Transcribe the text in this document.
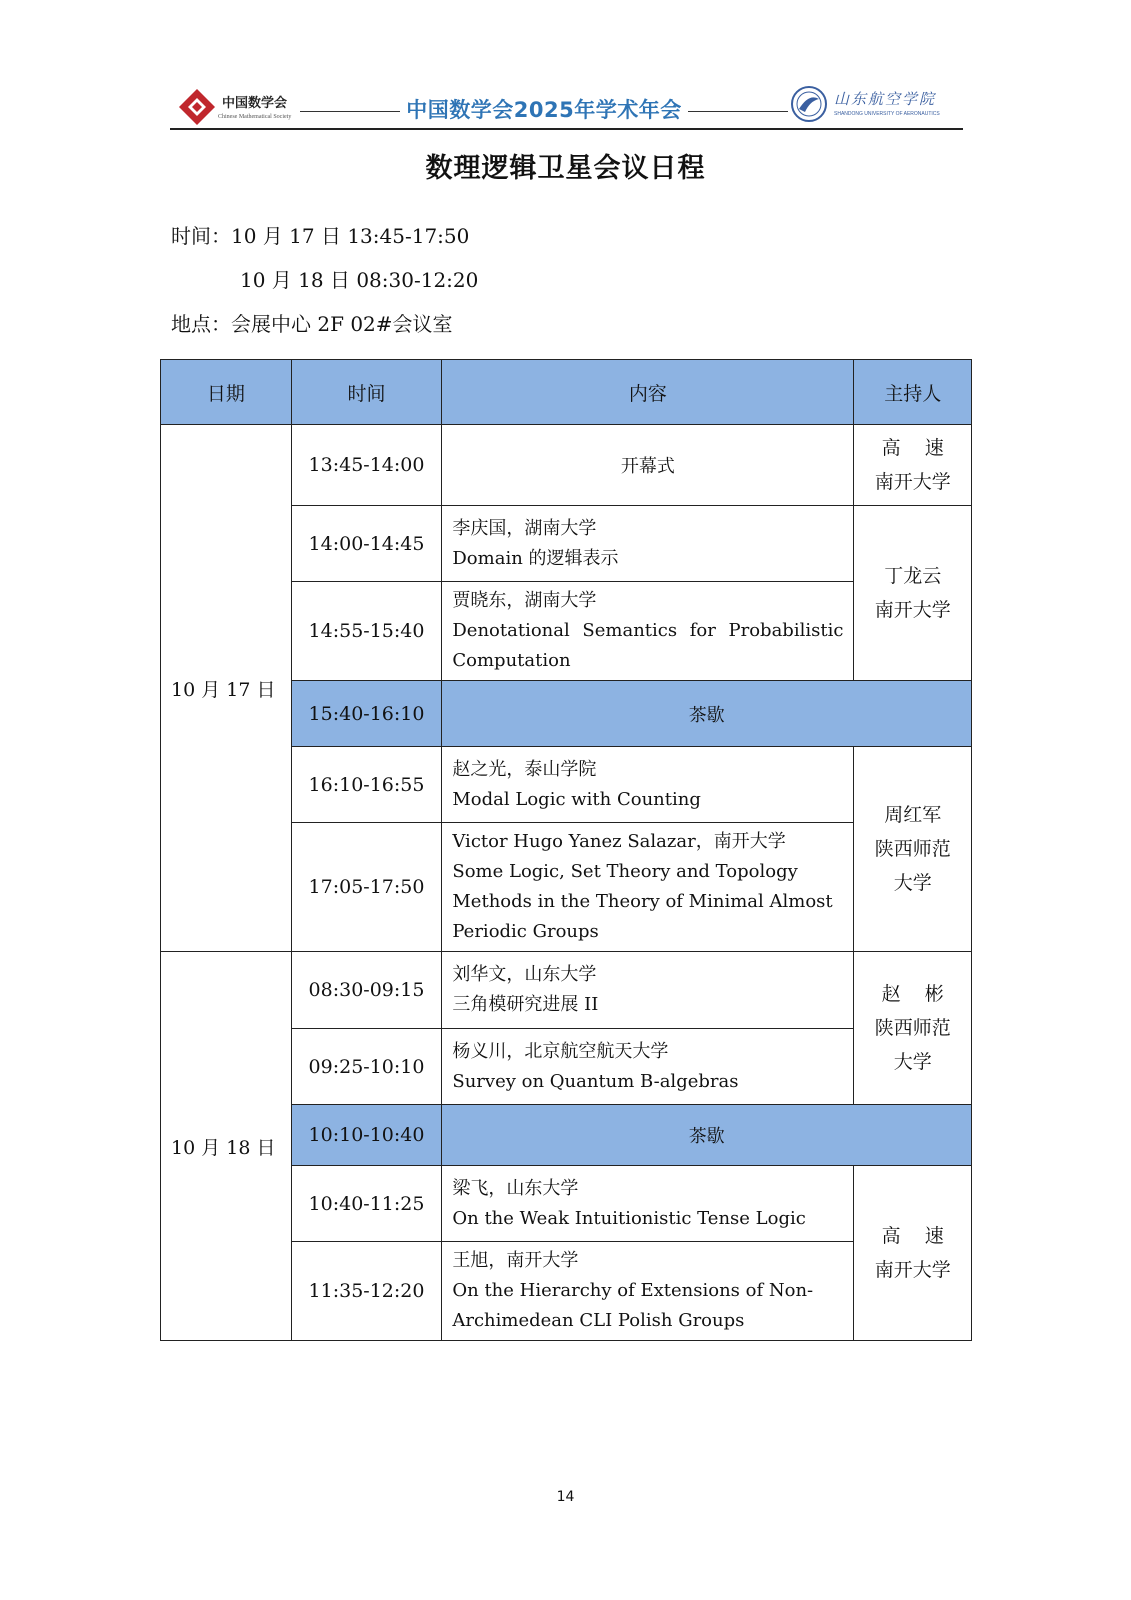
中国数学会
Chinese Mathematical Society	中国数学会2025年学术年会	山东航空学院
SHANDONG UNIVERSITY OF AERONAUTICS
数理逻辑卫星会议日程
时间：10 月 17 日 13:45-17:50
10 月 18 日 08:30-12:20
地点：会展中心 2F 02#会议室
日期	时间	内容	主持人
10 月 17 日	13:45-14:00	开幕式	高    速
南开大学

	14:00-14:45	李庆国，湖南大学
Domain 的逻辑表示	丁龙云
南开大学

	14:55-15:40	贾晓东，湖南大学
Denotational Semantics for Probabilistic Computation	

	15:40-16:10	茶歇	
	16:10-16:55	赵之光，泰山学院
Modal Logic with Counting	周红军
陕西师范
大学

	17:05-17:50	Victor Hugo Yanez Salazar，南开大学
Some Logic, Set Theory and Topology Methods in the Theory of Minimal Almost Periodic Groups	

10 月 18 日	08:30-09:15	刘华文，山东大学
三角模研究进展 II	赵    彬
陕西师范
大学

	09:25-10:10	杨义川，北京航空航天大学
Survey on Quantum B-algebras	

	10:10-10:40	茶歇	
	10:40-11:25	梁飞，山东大学
On the Weak Intuitionistic Tense Logic	高    速
南开大学

	11:35-12:20	王旭，南开大学
On the Hierarchy of Extensions of Non-Archimedean CLI Polish Groups	
14
